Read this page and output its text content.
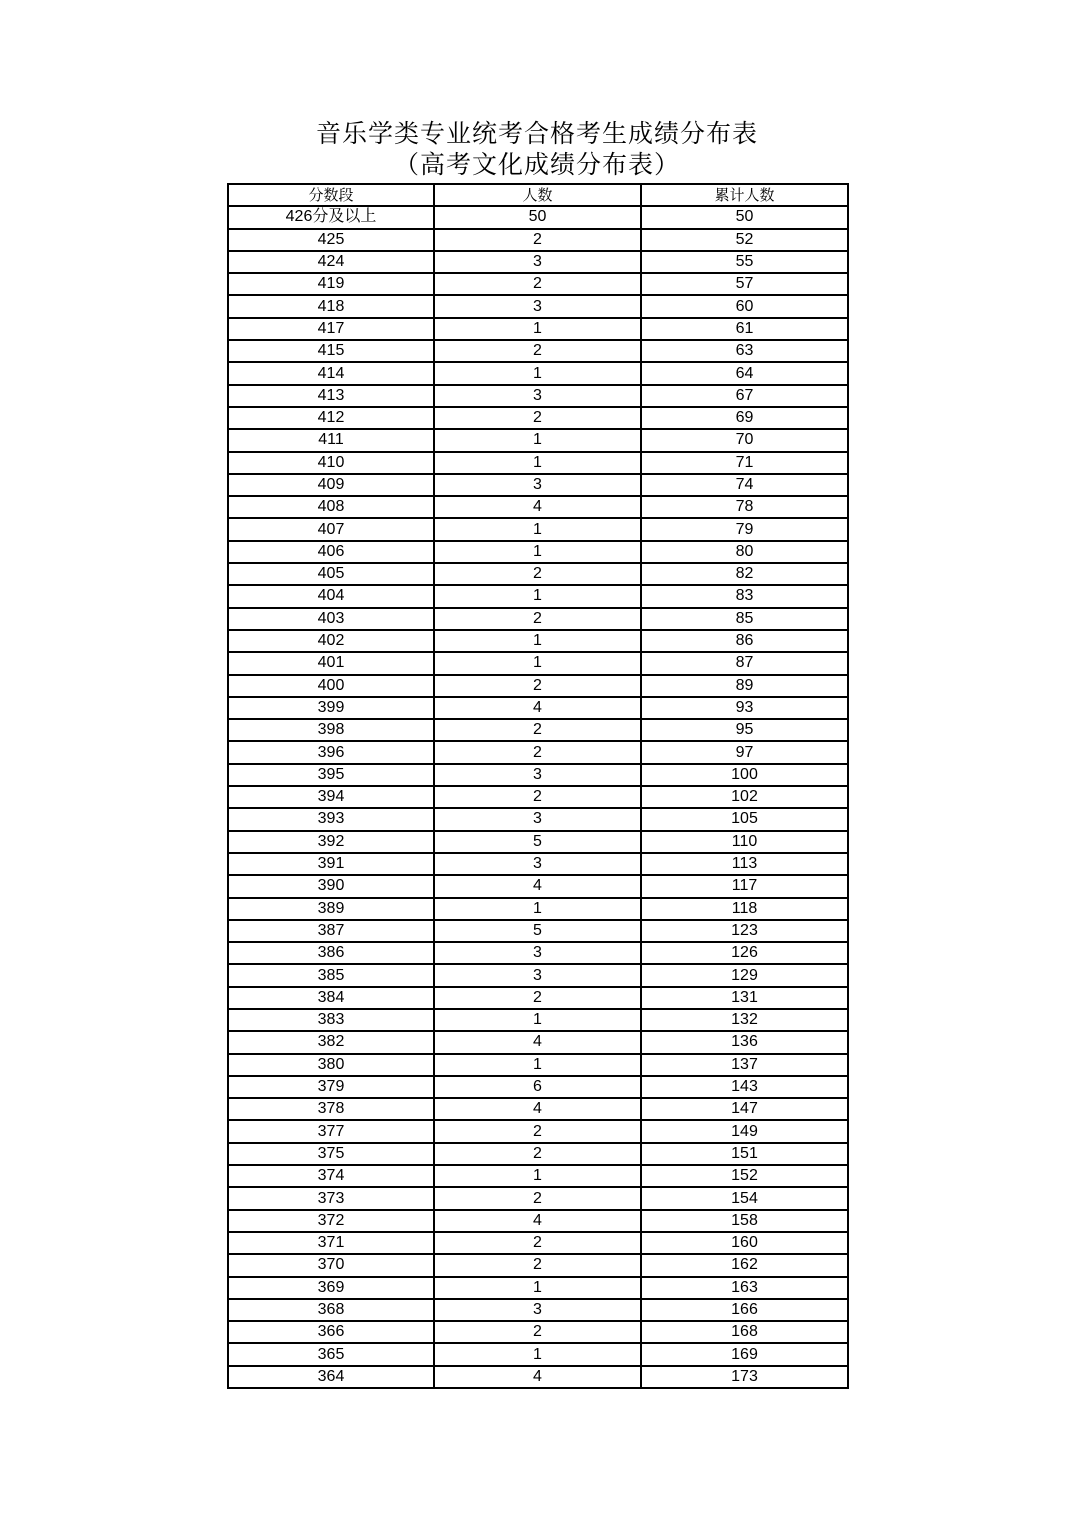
音乐学类专业统考合格考生成绩分布表
（高考文化成绩分布表）
分数段	人数	累计人数
426分及以上	50	50
425	2	52
424	3	55
419	2	57
418	3	60
417	1	61
415	2	63
414	1	64
413	3	67
412	2	69
411	1	70
410	1	71
409	3	74
408	4	78
407	1	79
406	1	80
405	2	82
404	1	83
403	2	85
402	1	86
401	1	87
400	2	89
399	4	93
398	2	95
396	2	97
395	3	100
394	2	102
393	3	105
392	5	110
391	3	113
390	4	117
389	1	118
387	5	123
386	3	126
385	3	129
384	2	131
383	1	132
382	4	136
380	1	137
379	6	143
378	4	147
377	2	149
375	2	151
374	1	152
373	2	154
372	4	158
371	2	160
370	2	162
369	1	163
368	3	166
366	2	168
365	1	169
364	4	173
